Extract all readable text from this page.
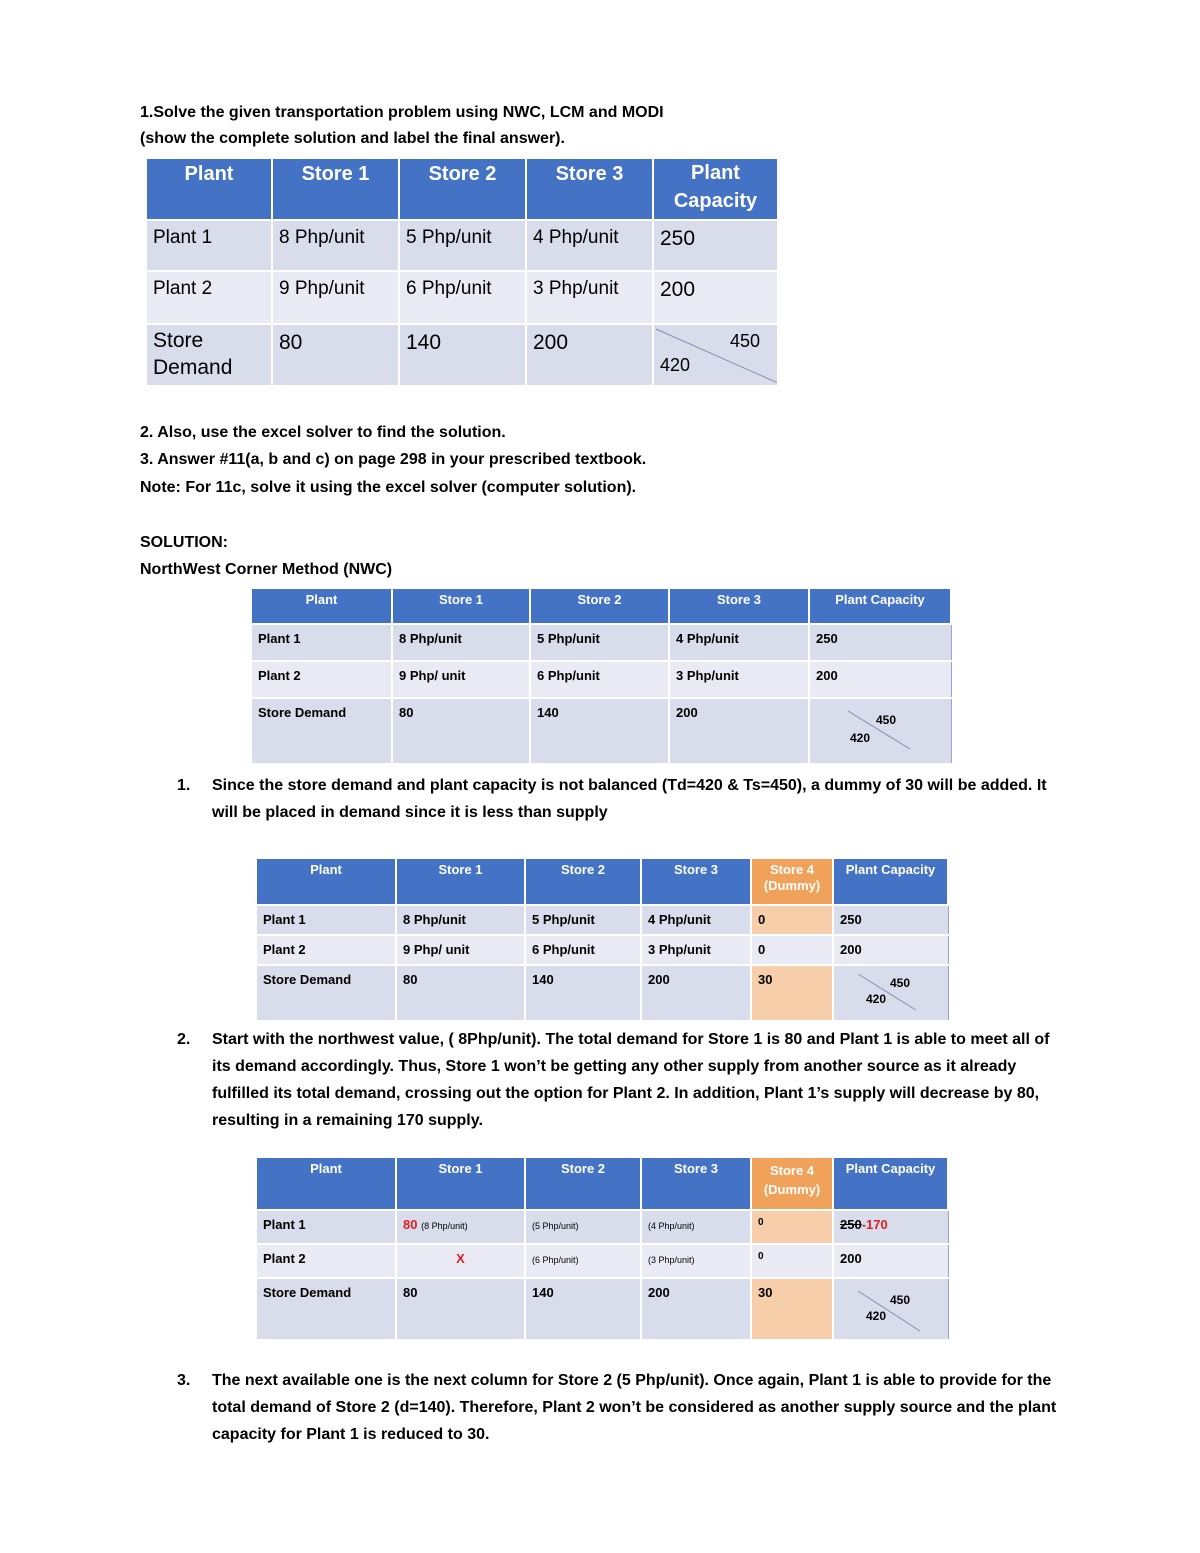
1.Solve the given transportation problem using NWC, LCM and MODI
(show the complete solution and label the final answer).
Plant	Store 1	Store 2	Store 3	Plant
Capacity
Plant 1	8 Php/unit	5 Php/unit	4 Php/unit	250
Plant 2	9 Php/unit	6 Php/unit	3 Php/unit	200
Store
Demand	80	140	200	450
420
2. Also, use the excel solver to find the solution.
3. Answer #11(a, b and c) on page 298 in your prescribed textbook.
Note: For 11c, solve it using the excel solver (computer solution).
SOLUTION:
NorthWest Corner Method (NWC)
Plant	Store 1	Store 2	Store 3	Plant Capacity
Plant 1	8 Php/unit	5 Php/unit	4 Php/unit	250
Plant 2	9 Php/ unit	6 Php/unit	3 Php/unit	200
Store Demand	80	140	200	450
420
1. Since the store demand and plant capacity is not balanced (Td=420 & Ts=450), a dummy of 30 will be added. It will be placed in demand since it is less than supply
Plant	Store 1	Store 2	Store 3	Store 4
(Dummy)	Plant Capacity
Plant 1	8 Php/unit	5 Php/unit	4 Php/unit	0	250
Plant 2	9 Php/ unit	6 Php/unit	3 Php/unit	0	200
Store Demand	80	140	200	30	450
420
2. Start with the northwest value, ( 8Php/unit). The total demand for Store 1 is 80 and Plant 1 is able to meet all of its demand accordingly. Thus, Store 1 won’t be getting any other supply from another source as it already fulfilled its total demand, crossing out the option for Plant 2. In addition, Plant 1’s supply will decrease by 80, resulting in a remaining 170 supply.
Plant	Store 1	Store 2	Store 3	Store 4
(Dummy)	Plant Capacity
Plant 1	80 (8 Php/unit)	(5 Php/unit)	(4 Php/unit)	0	250-170
Plant 2	X	(6 Php/unit)	(3 Php/unit)	0	200
Store Demand	80	140	200	30	450
420
3. The next available one is the next column for Store 2 (5 Php/unit). Once again, Plant 1 is able to provide for the total demand of Store 2 (d=140). Therefore, Plant 2 won’t be considered as another supply source and the plant capacity for Plant 1 is reduced to 30.
